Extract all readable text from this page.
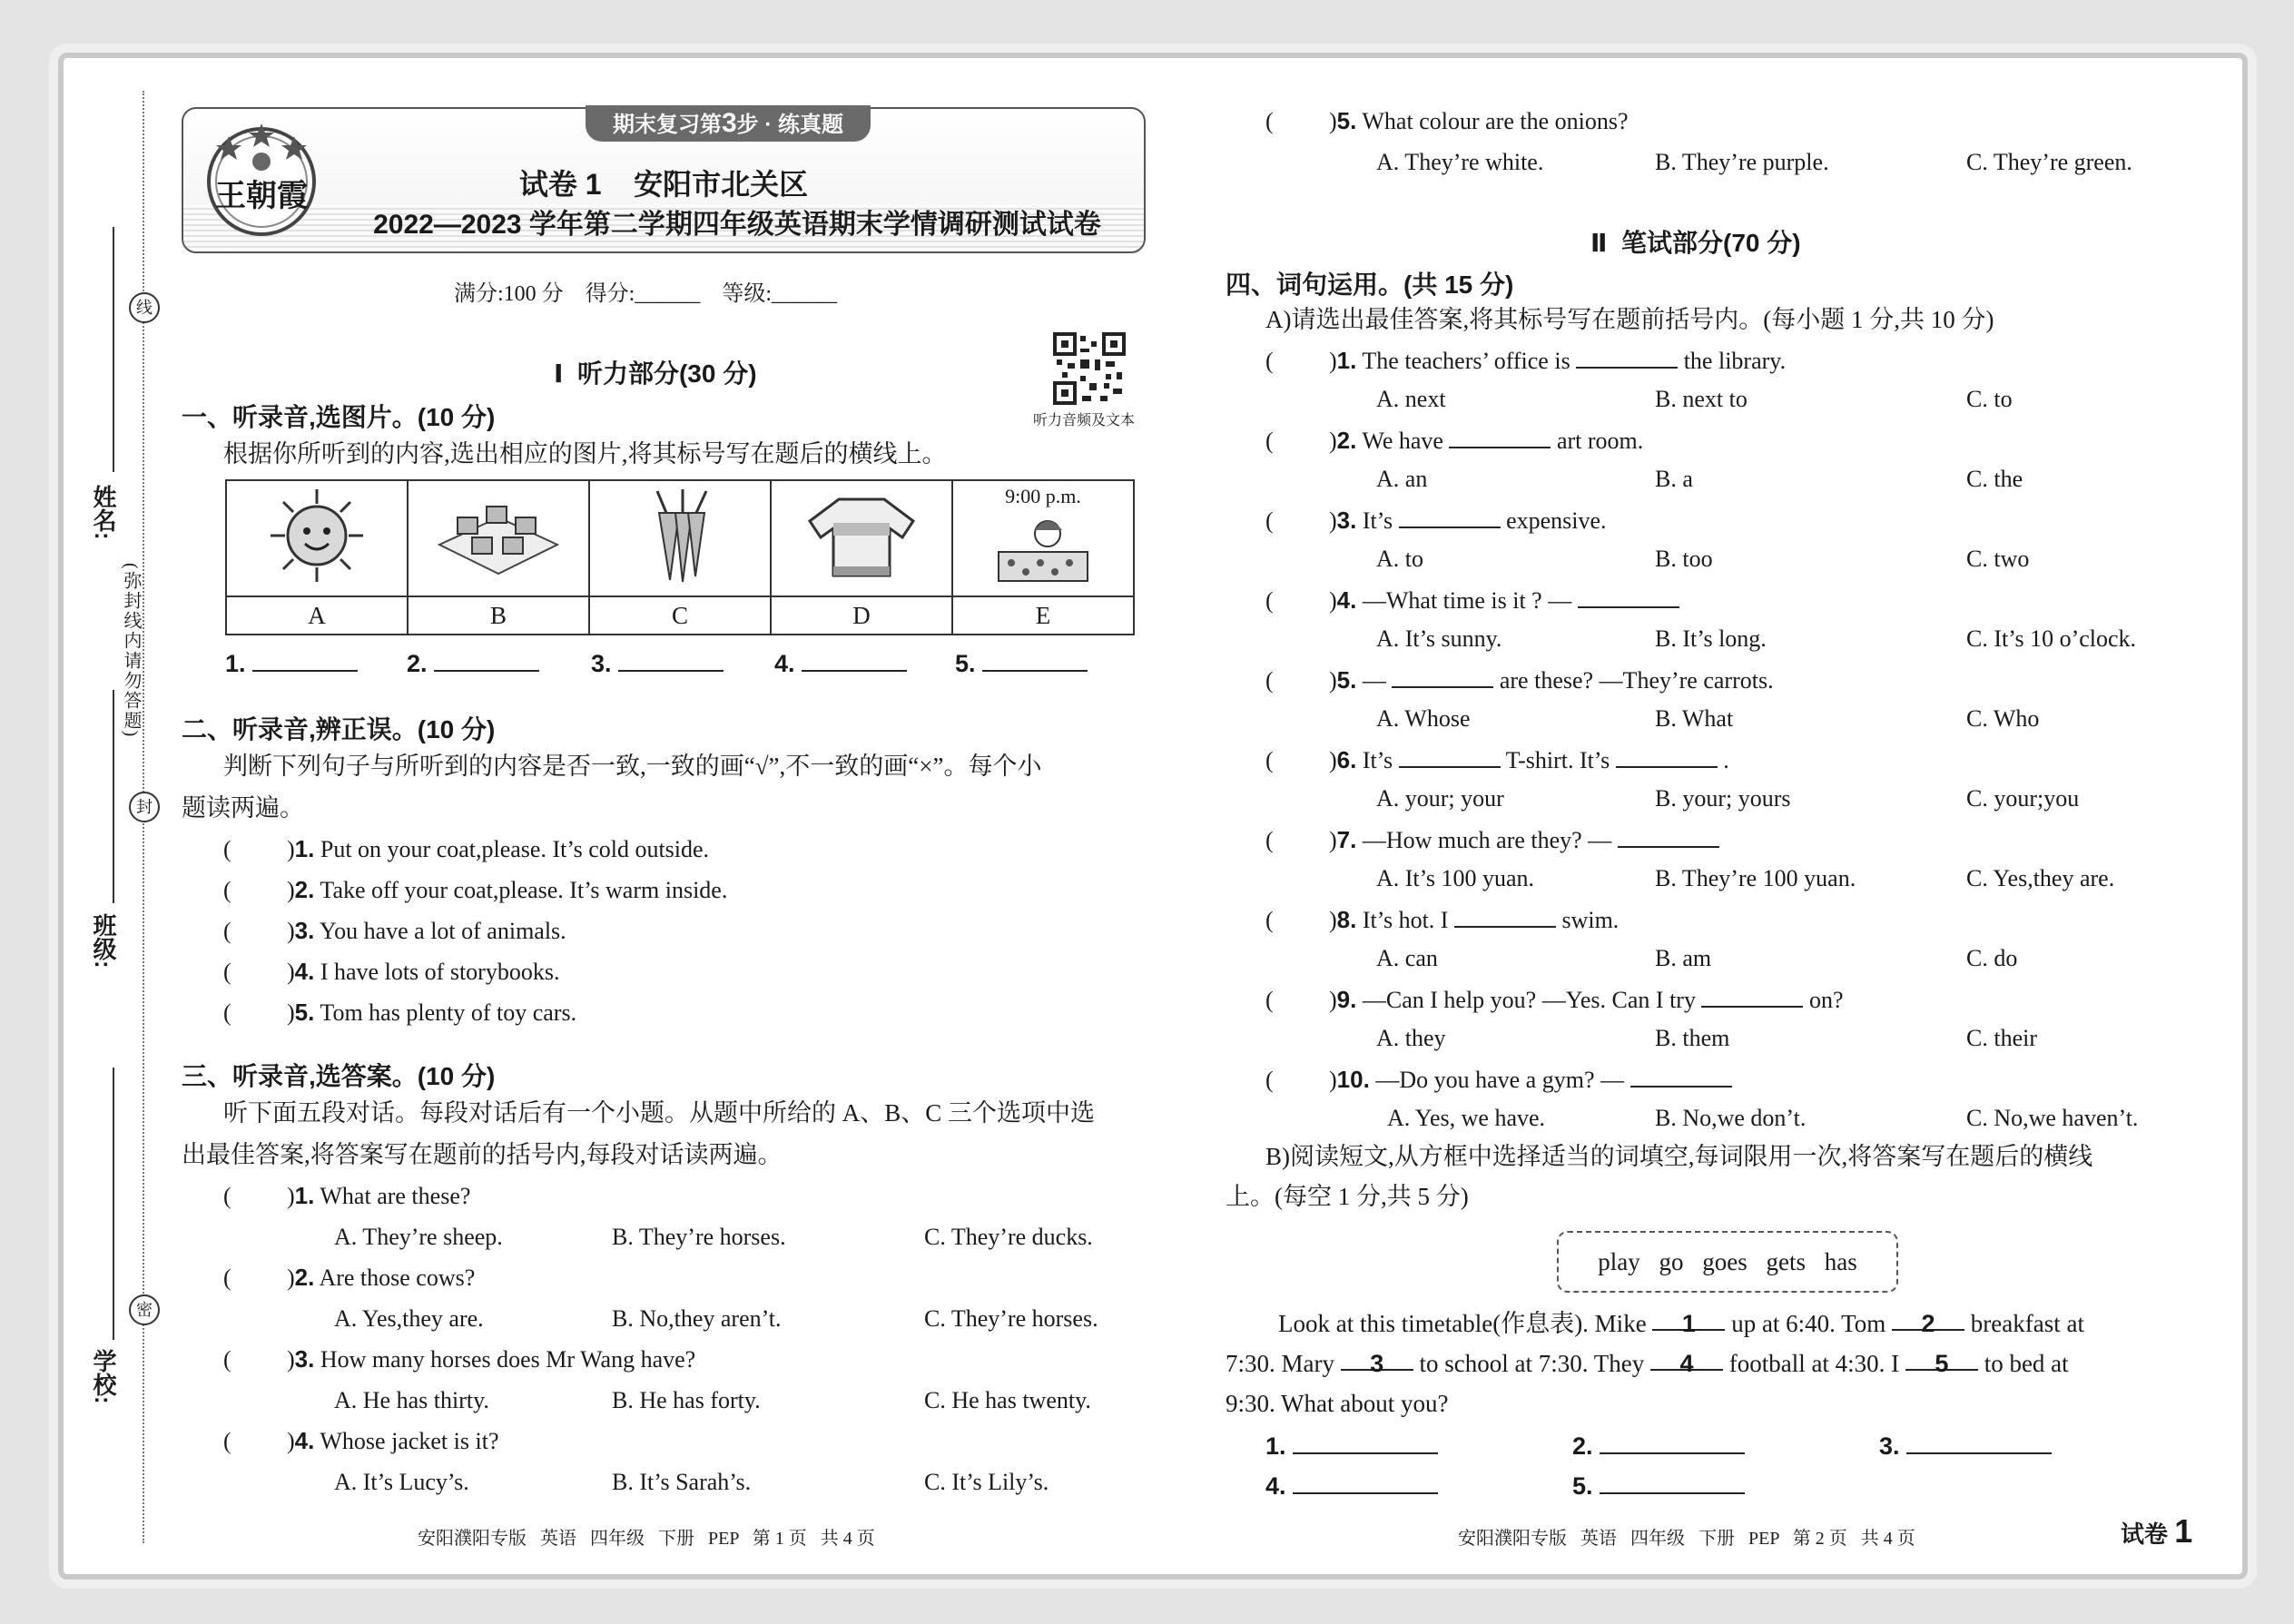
线
封
密
(弥封线内请勿答题)
姓名:
班级:
学校:
期末复习第3步 · 练真题
王朝霞	试卷 1    安阳市北关区
2022—2023 学年第二学期四年级英语期末学情调研测试试卷
满分:100 分    得分:______    等级:______
听力音频及文本
Ⅰ  听力部分(30 分)
一、听录音,选图片。(10 分)
根据你所听到的内容,选出相应的图片,将其标号写在题后的横线上。

9:00 p.m.

A	B	C	D	E
1.	2.	3.	4.	5.
二、听录音,辨正误。(10 分)
判断下列句子与所听到的内容是否一致,一致的画“√”,不一致的画“×”。每个小
题读两遍。
( )1. Put on your coat,please. It’s cold outside.
( )2. Take off your coat,please. It’s warm inside.
( )3. You have a lot of animals.
( )4. I have lots of storybooks.
( )5. Tom has plenty of toy cars.
三、听录音,选答案。(10 分)
听下面五段对话。每段对话后有一个小题。从题中所给的 A、B、C 三个选项中选
出最佳答案,将答案写在题前的括号内,每段对话读两遍。
( )1. What are these?
A. They’re sheep.	B. They’re horses.	C. They’re ducks.
( )2. Are those cows?
A. Yes,they are.	B. No,they aren’t.	C. They’re horses.
( )3. How many horses does Mr Wang have?
A. He has thirty.	B. He has forty.	C. He has twenty.
( )4. Whose jacket is it?
A. It’s Lucy’s.	B. It’s Sarah’s.	C. It’s Lily’s.
安阳濮阳专版   英语   四年级   下册   PEP   第 1 页   共 4 页
( )5. What colour are the onions?
A. They’re white.	B. They’re purple.	C. They’re green.
Ⅱ  笔试部分(70 分)
四、词句运用。(共 15 分)
A)请选出最佳答案,将其标号写在题前括号内。(每小题 1 分,共 10 分)
( )1. The teachers’ office is	the library.
A. next	B. next to	C. to
( )2. We have	art room.
A. an	B. a	C. the
( )3. It’s	expensive.
A. to	B. too	C. two
( )4. —What time is it ? —
A. It’s sunny.	B. It’s long.	C. It’s 10 o’clock.
( )5. —	are these? —They’re carrots.
A. Whose	B. What	C. Who
( )6. It’s	T-shirt. It’s	.
A. your; your	B. your; yours	C. your;you
( )7. —How much are they? —
A. It’s 100 yuan.	B. They’re 100 yuan.	C. Yes,they are.
( )8. It’s hot. I	swim.
A. can	B. am	C. do
( )9. —Can I help you? —Yes. Can I try	on?
A. they	B. them	C. their
( )10. —Do you have a gym? —
A. Yes, we have.	B. No,we don’t.	C. No,we haven’t.
B)阅读短文,从方框中选择适当的词填空,每词限用一次,将答案写在题后的横线
上。(每空 1 分,共 5 分)
play go goes gets has
Look at this timetable(作息表). Mike 1 up at 6:40. Tom 2 breakfast at
7:30. Mary 3 to school at 7:30. They 4 football at 4:30. I 5 to bed at
9:30. What about you?
1.	2.	3.
4.	5.
安阳濮阳专版   英语   四年级   下册   PEP   第 2 页   共 4 页	试卷 1
